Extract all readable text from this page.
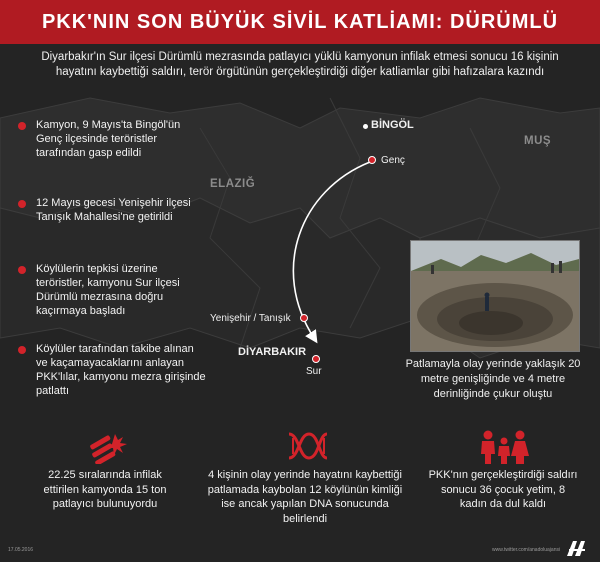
PKK'NIN SON BÜYÜK SİVİL KATLİAMI: DÜRÜMLÜ
Diyarbakır'ın Sur ilçesi Dürümlü mezrasında patlayıcı yüklü kamyonun infilak etmesi sonucu 16 kişinin hayatını kaybettiği saldırı, terör örgütünün gerçekleştirdiği diğer katliamlar gibi hafızalara kazındı
Kamyon, 9 Mayıs'ta Bingöl'ün Genç ilçesinde teröristler tarafından gasp edildi
12 Mayıs gecesi Yenişehir ilçesi Tanışık Mahallesi'ne getirildi
Köylülerin tepkisi üzerine teröristler, kamyonu Sur ilçesi Dürümlü mezrasına doğru kaçırmaya başladı
Köylüler tarafından takibe alınan ve kaçamayacaklarını anlayan PKK'lılar, kamyonu mezra girişinde patlattı
BİNGÖL
Genç
ELAZIĞ
MUŞ
Yenişehir / Tanışık
DİYARBAKIR
Sur
Patlamayla olay yerinde yaklaşık 20 metre genişliğinde ve 4 metre derinliğinde çukur oluştu
22.25 sıralarında infilak ettirilen kamyonda 15 ton patlayıcı bulunuyordu
4 kişinin olay yerinde hayatını kaybettiği patlamada kaybolan 12 köylünün kimliği ise ancak yapılan DNA sonucunda belirlendi
PKK'nın gerçekleştirdiği saldırı sonucu 36 çocuk yetim, 8 kadın da dul kaldı
17.05.2016	www.twitter.com/anadoluajansi
